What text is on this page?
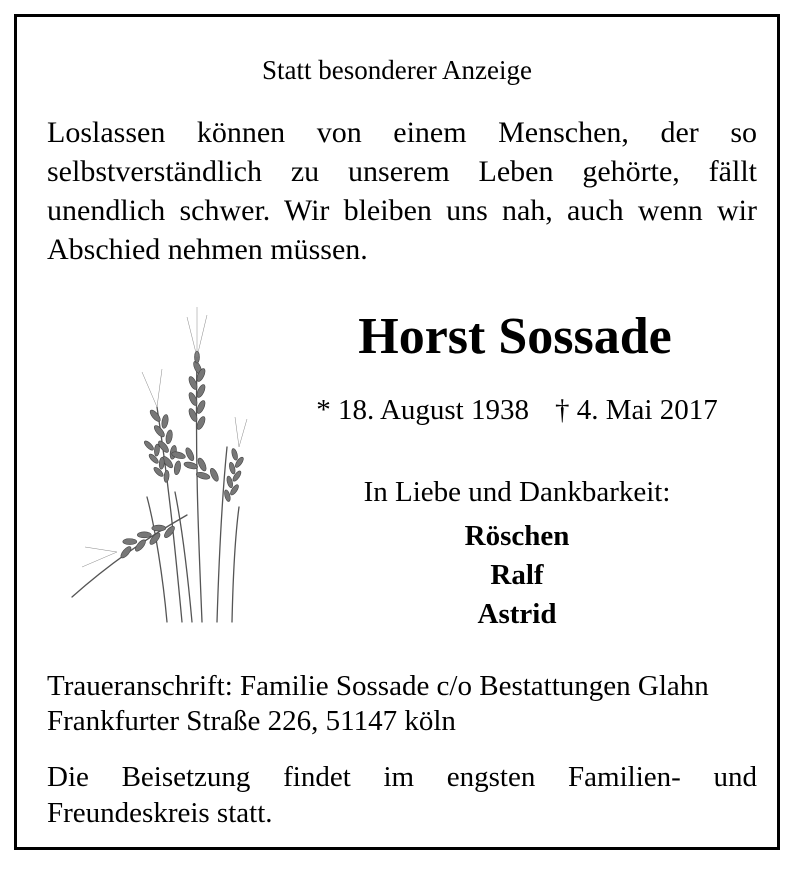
Statt besonderer Anzeige
Loslassen können von einem Menschen, der so selbstverständlich zu unserem Leben gehörte, fällt unendlich schwer. Wir bleiben uns nah, auch wenn wir Abschied nehmen müssen.
Horst Sossade
* 18. August 1938 † 4. Mai 2017
In Liebe und Dankbarkeit:
Röschen
Ralf
Astrid
Traueranschrift: Familie Sossade c/o Bestattungen Glahn
Frankfurter Straße 226, 51147 köln
Die Beisetzung findet im engsten Familien- und Freundeskreis statt.
